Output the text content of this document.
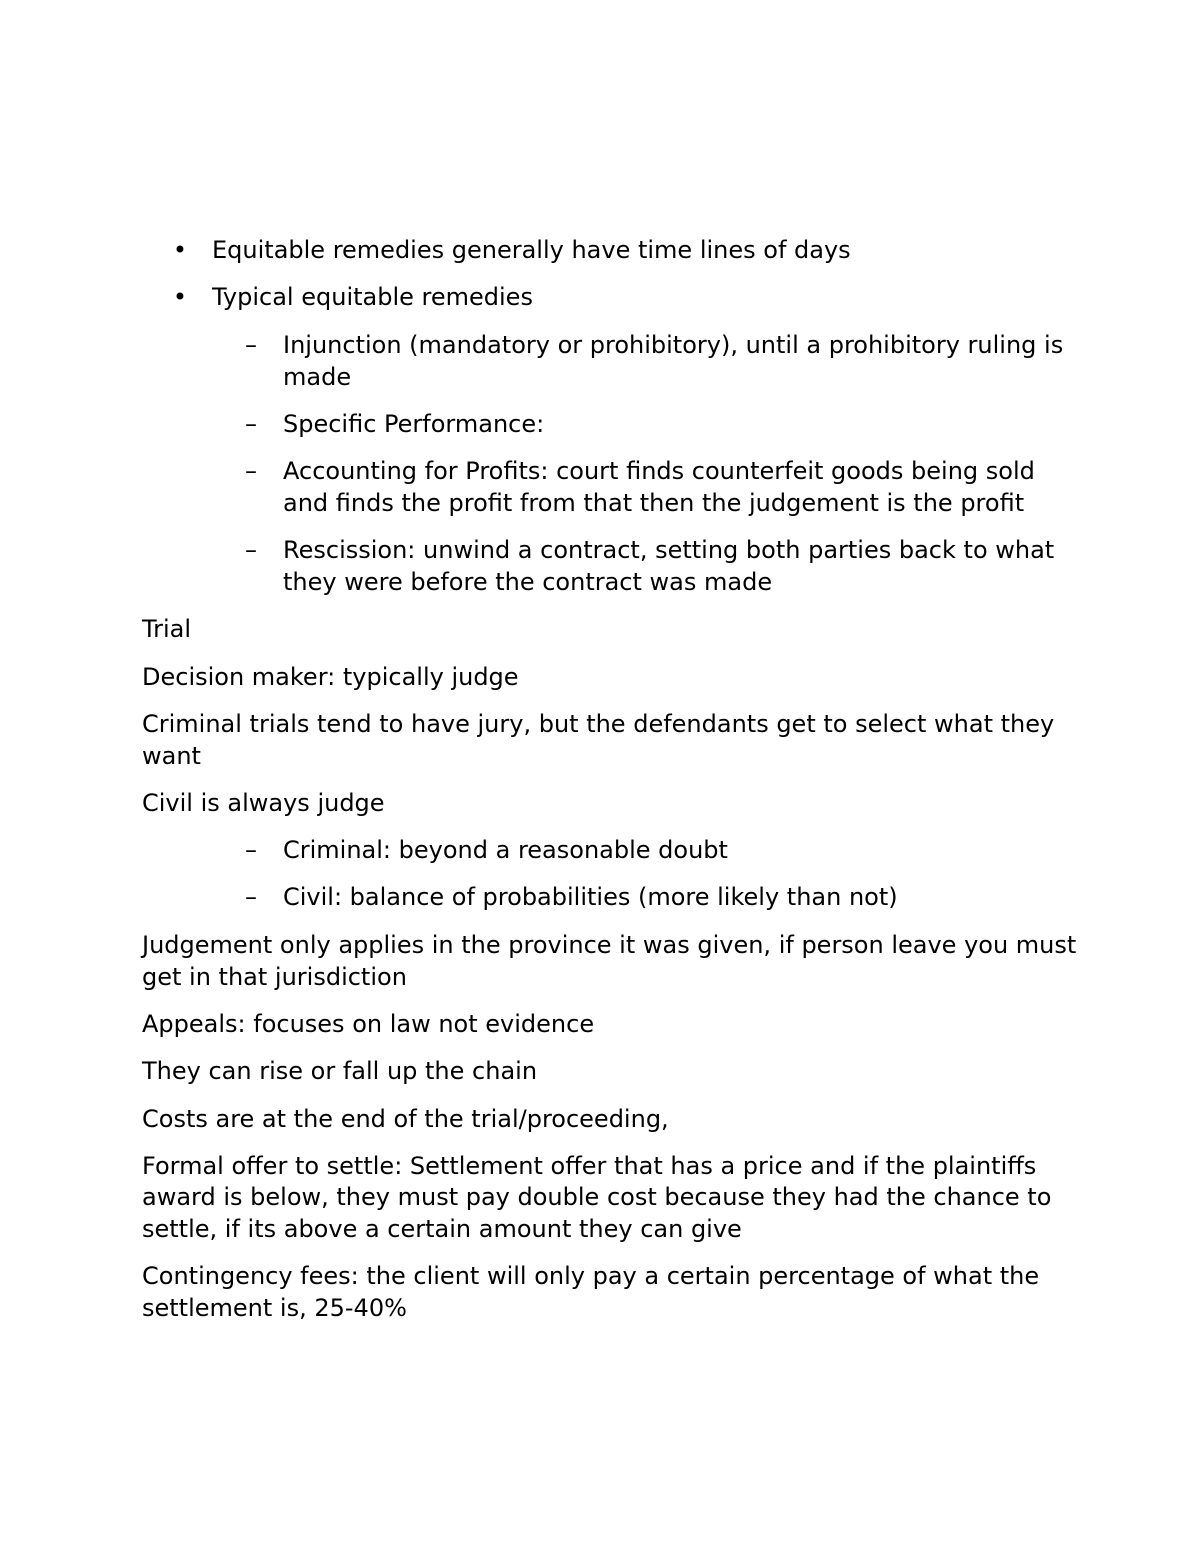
• Equitable remedies generally have time lines of days
• Typical equitable remedies
– Injunction (mandatory or prohibitory), until a prohibitory ruling is
made
– Specific Performance:
– Accounting for Profits: court finds counterfeit goods being sold
and finds the profit from that then the judgement is the profit
– Rescission: unwind a contract, setting both parties back to what
they were before the contract was made
Trial
Decision maker: typically judge
Criminal trials tend to have jury, but the defendants get to select what they
want
Civil is always judge
– Criminal: beyond a reasonable doubt
– Civil: balance of probabilities (more likely than not)
Judgement only applies in the province it was given, if person leave you must
get in that jurisdiction
Appeals: focuses on law not evidence
They can rise or fall up the chain
Costs are at the end of the trial/proceeding,
Formal offer to settle: Settlement offer that has a price and if the plaintiffs
award is below, they must pay double cost because they had the chance to
settle, if its above a certain amount they can give
Contingency fees: the client will only pay a certain percentage of what the
settlement is, 25-40%
